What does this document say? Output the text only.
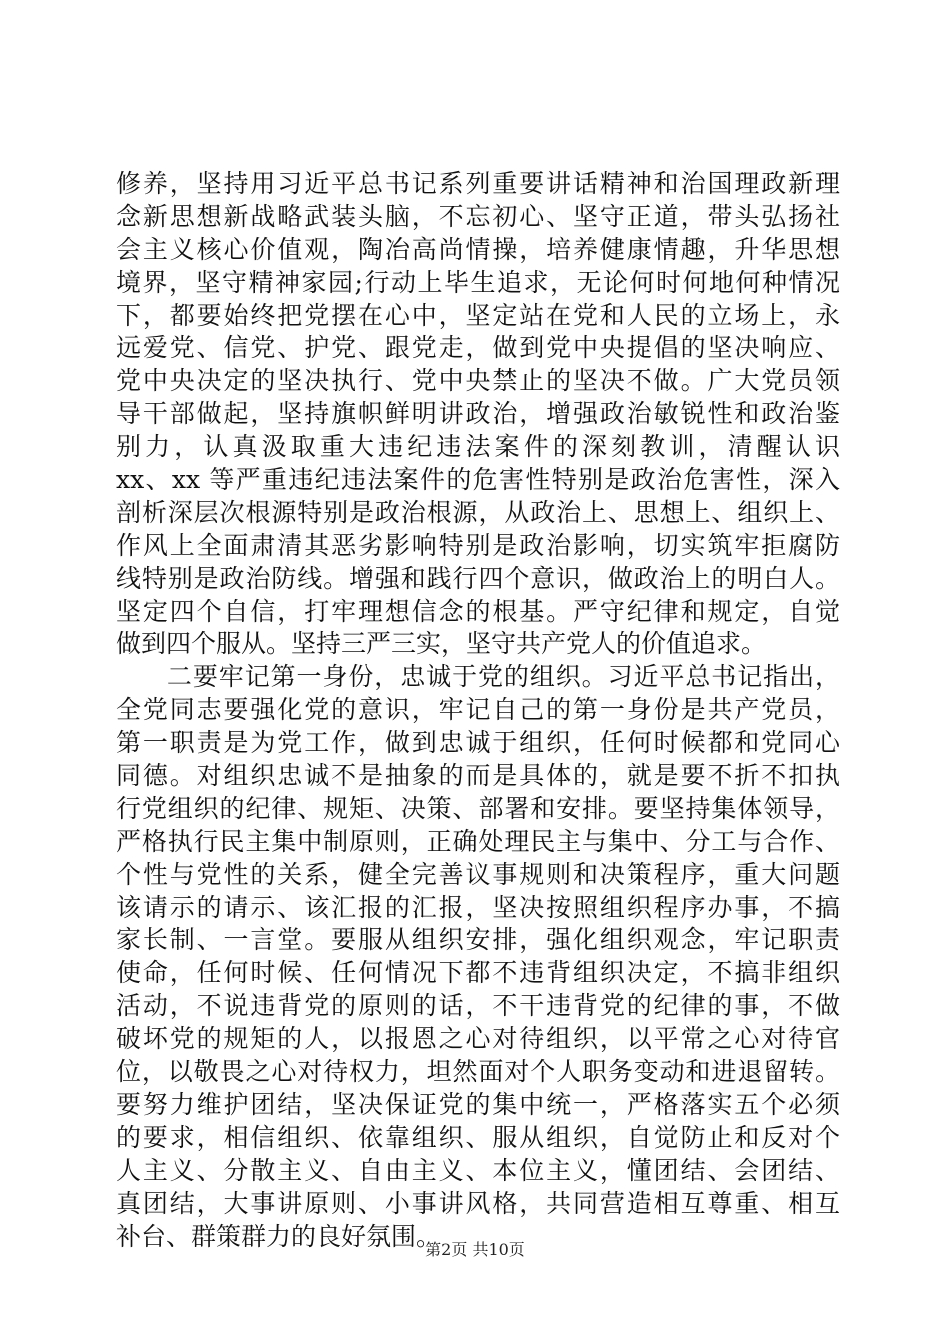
修养，坚持用习近平总书记系列重要讲话精神和治国理政新理
念新思想新战略武装头脑，不忘初心、坚守正道，带头弘扬社
会主义核心价值观，陶冶高尚情操，培养健康情趣，升华思想
境界，坚守精神家园;行动上毕生追求，无论何时何地何种情况
下，都要始终把党摆在心中，坚定站在党和人民的立场上，永
远爱党、信党、护党、跟党走，做到党中央提倡的坚决响应、
党中央决定的坚决执行、党中央禁止的坚决不做。广大党员领
导干部做起，坚持旗帜鲜明讲政治，增强政治敏锐性和政治鉴
别力，认真汲取重大违纪违法案件的深刻教训，清醒认识
xx、xx 等严重违纪违法案件的危害性特别是政治危害性，深入
剖析深层次根源特别是政治根源，从政治上、思想上、组织上、
作风上全面肃清其恶劣影响特别是政治影响，切实筑牢拒腐防
线特别是政治防线。增强和践行四个意识，做政治上的明白人。
坚定四个自信，打牢理想信念的根基。严守纪律和规定，自觉
做到四个服从。坚持三严三实，坚守共产党人的价值追求。
二要牢记第一身份，忠诚于党的组织。习近平总书记指出，
全党同志要强化党的意识，牢记自己的第一身份是共产党员，
第一职责是为党工作，做到忠诚于组织，任何时候都和党同心
同德。对组织忠诚不是抽象的而是具体的，就是要不折不扣执
行党组织的纪律、规矩、决策、部署和安排。要坚持集体领导，
严格执行民主集中制原则，正确处理民主与集中、分工与合作、
个性与党性的关系，健全完善议事规则和决策程序，重大问题
该请示的请示、该汇报的汇报，坚决按照组织程序办事，不搞
家长制、一言堂。要服从组织安排，强化组织观念，牢记职责
使命，任何时候、任何情况下都不违背组织决定，不搞非组织
活动，不说违背党的原则的话，不干违背党的纪律的事，不做
破坏党的规矩的人，以报恩之心对待组织，以平常之心对待官
位，以敬畏之心对待权力，坦然面对个人职务变动和进退留转。
要努力维护团结，坚决保证党的集中统一，严格落实五个必须
的要求，相信组织、依靠组织、服从组织，自觉防止和反对个
人主义、分散主义、自由主义、本位主义，懂团结、会团结、
真团结，大事讲原则、小事讲风格，共同营造相互尊重、相互
补台、群策群力的良好氛围。
第2页 共10页
